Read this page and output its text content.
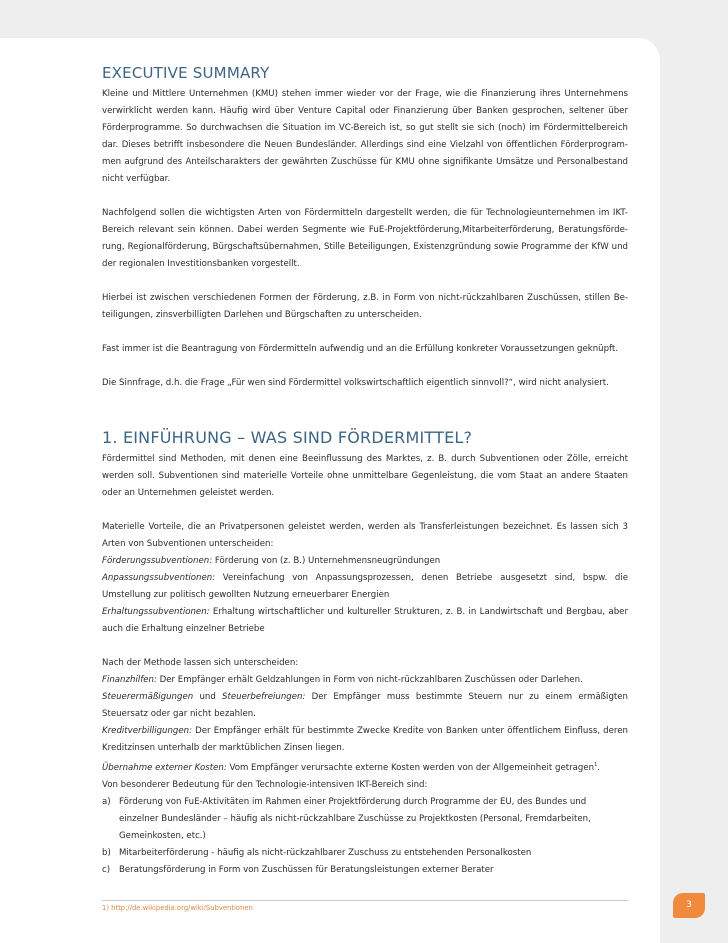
EXECUTIVE SUMMARY

Kleine und Mittlere Unternehmen (KMU) stehen immer wieder vor der Frage, wie die Finanzierung ihres Unternehmens verwirklicht werden kann. Häufig wird über Venture Capital oder Finanzierung über Banken gesprochen, seltener über Förderprogramme. So durchwachsen die Situation im VC-Bereich ist, so gut stellt sie sich (noch) im Fördermittelbereich dar. Dieses betrifft insbesondere die Neuen Bundesländer. Allerdings sind eine Vielzahl von öffentlichen Förderprogram-men aufgrund des Anteilscharakters der gewährten Zuschüsse für KMU ohne signifikante Umsätze und Personalbestand nicht verfügbar.

Nachfolgend sollen die wichtigsten Arten von Fördermitteln dargestellt werden, die für Technologieunternehmen im IKT-Bereich relevant sein können. Dabei werden Segmente wie FuE-Projektförderung,Mitarbeiterförderung, Beratungsförde-rung, Regionalförderung, Bürgschaftsübernahmen, Stille Beteiligungen, Existenzgründung sowie Programme der KfW und der regionalen Investitionsbanken vorgestellt.

Hierbei ist zwischen verschiedenen Formen der Förderung, z.B. in Form von nicht-rückzahlbaren Zuschüssen, stillen Be-teiligungen, zinsverbilligten Darlehen und Bürgschaften zu unterscheiden.

Fast immer ist die Beantragung von Fördermitteln aufwendig und an die Erfüllung konkreter Voraussetzungen geknüpft.

Die Sinnfrage, d.h. die Frage „Für wen sind Fördermittel volkswirtschaftlich eigentlich sinnvoll?“, wird nicht analysiert.

1. EINFÜHRUNG – WAS SIND FÖRDERMITTEL?

Fördermittel sind Methoden, mit denen eine Beeinflussung des Marktes, z. B. durch Subventionen oder Zölle, erreicht werden soll. Subventionen sind materielle Vorteile ohne unmittelbare Gegenleistung, die vom Staat an andere Staaten oder an Unternehmen geleistet werden.

Materielle Vorteile, die an Privatpersonen geleistet werden, werden als Transferleistungen bezeichnet. Es lassen sich 3 Arten von Subventionen unterscheiden:

Förderungssubventionen: Förderung von (z. B.) Unternehmensneugründungen

Anpassungssubventionen: Vereinfachung von Anpassungsprozessen, denen Betriebe ausgesetzt sind, bspw. die Umstellung zur politisch gewollten Nutzung erneuerbarer Energien

Erhaltungssubventionen: Erhaltung wirtschaftlicher und kultureller Strukturen, z. B. in Landwirtschaft und Bergbau, aber auch die Erhaltung einzelner Betriebe

Nach der Methode lassen sich unterscheiden:

Finanzhilfen: Der Empfänger erhält Geldzahlungen in Form von nicht-rückzahlbaren Zuschüssen oder Darlehen.

Steuerermäßigungen und Steuerbefreiungen: Der Empfänger muss bestimmte Steuern nur zu einem ermäßigten Steuersatz oder gar nicht bezahlen.

Kreditverbilligungen: Der Empfänger erhält für bestimmte Zwecke Kredite von Banken unter öffentlichem Einfluss, deren Kreditzinsen unterhalb der marktüblichen Zinsen liegen.

Übernahme externer Kosten: Vom Empfänger verursachte externe Kosten werden von der Allgemeinheit getragen$^1$.

Von besonderer Bedeutung für den Technologie-intensiven IKT-Bereich sind:

a) Förderung von FuE-Aktivitäten im Rahmen einer Projektförderung durch Programme der EU, des Bundes und einzelner Bundesländer – häufig als nicht-rückzahlbare Zuschüsse zu Projektkosten (Personal, Fremdarbeiten, Gemeinkosten, etc.)
b) Mitarbeiterförderung - häufig als nicht-rückzahlbarer Zuschuss zu entstehenden Personalkosten
c) Beratungsförderung in Form von Zuschüssen für Beratungsleistungen externer Berater
1) http://de.wikipedia.org/wiki/Subventionen	3
